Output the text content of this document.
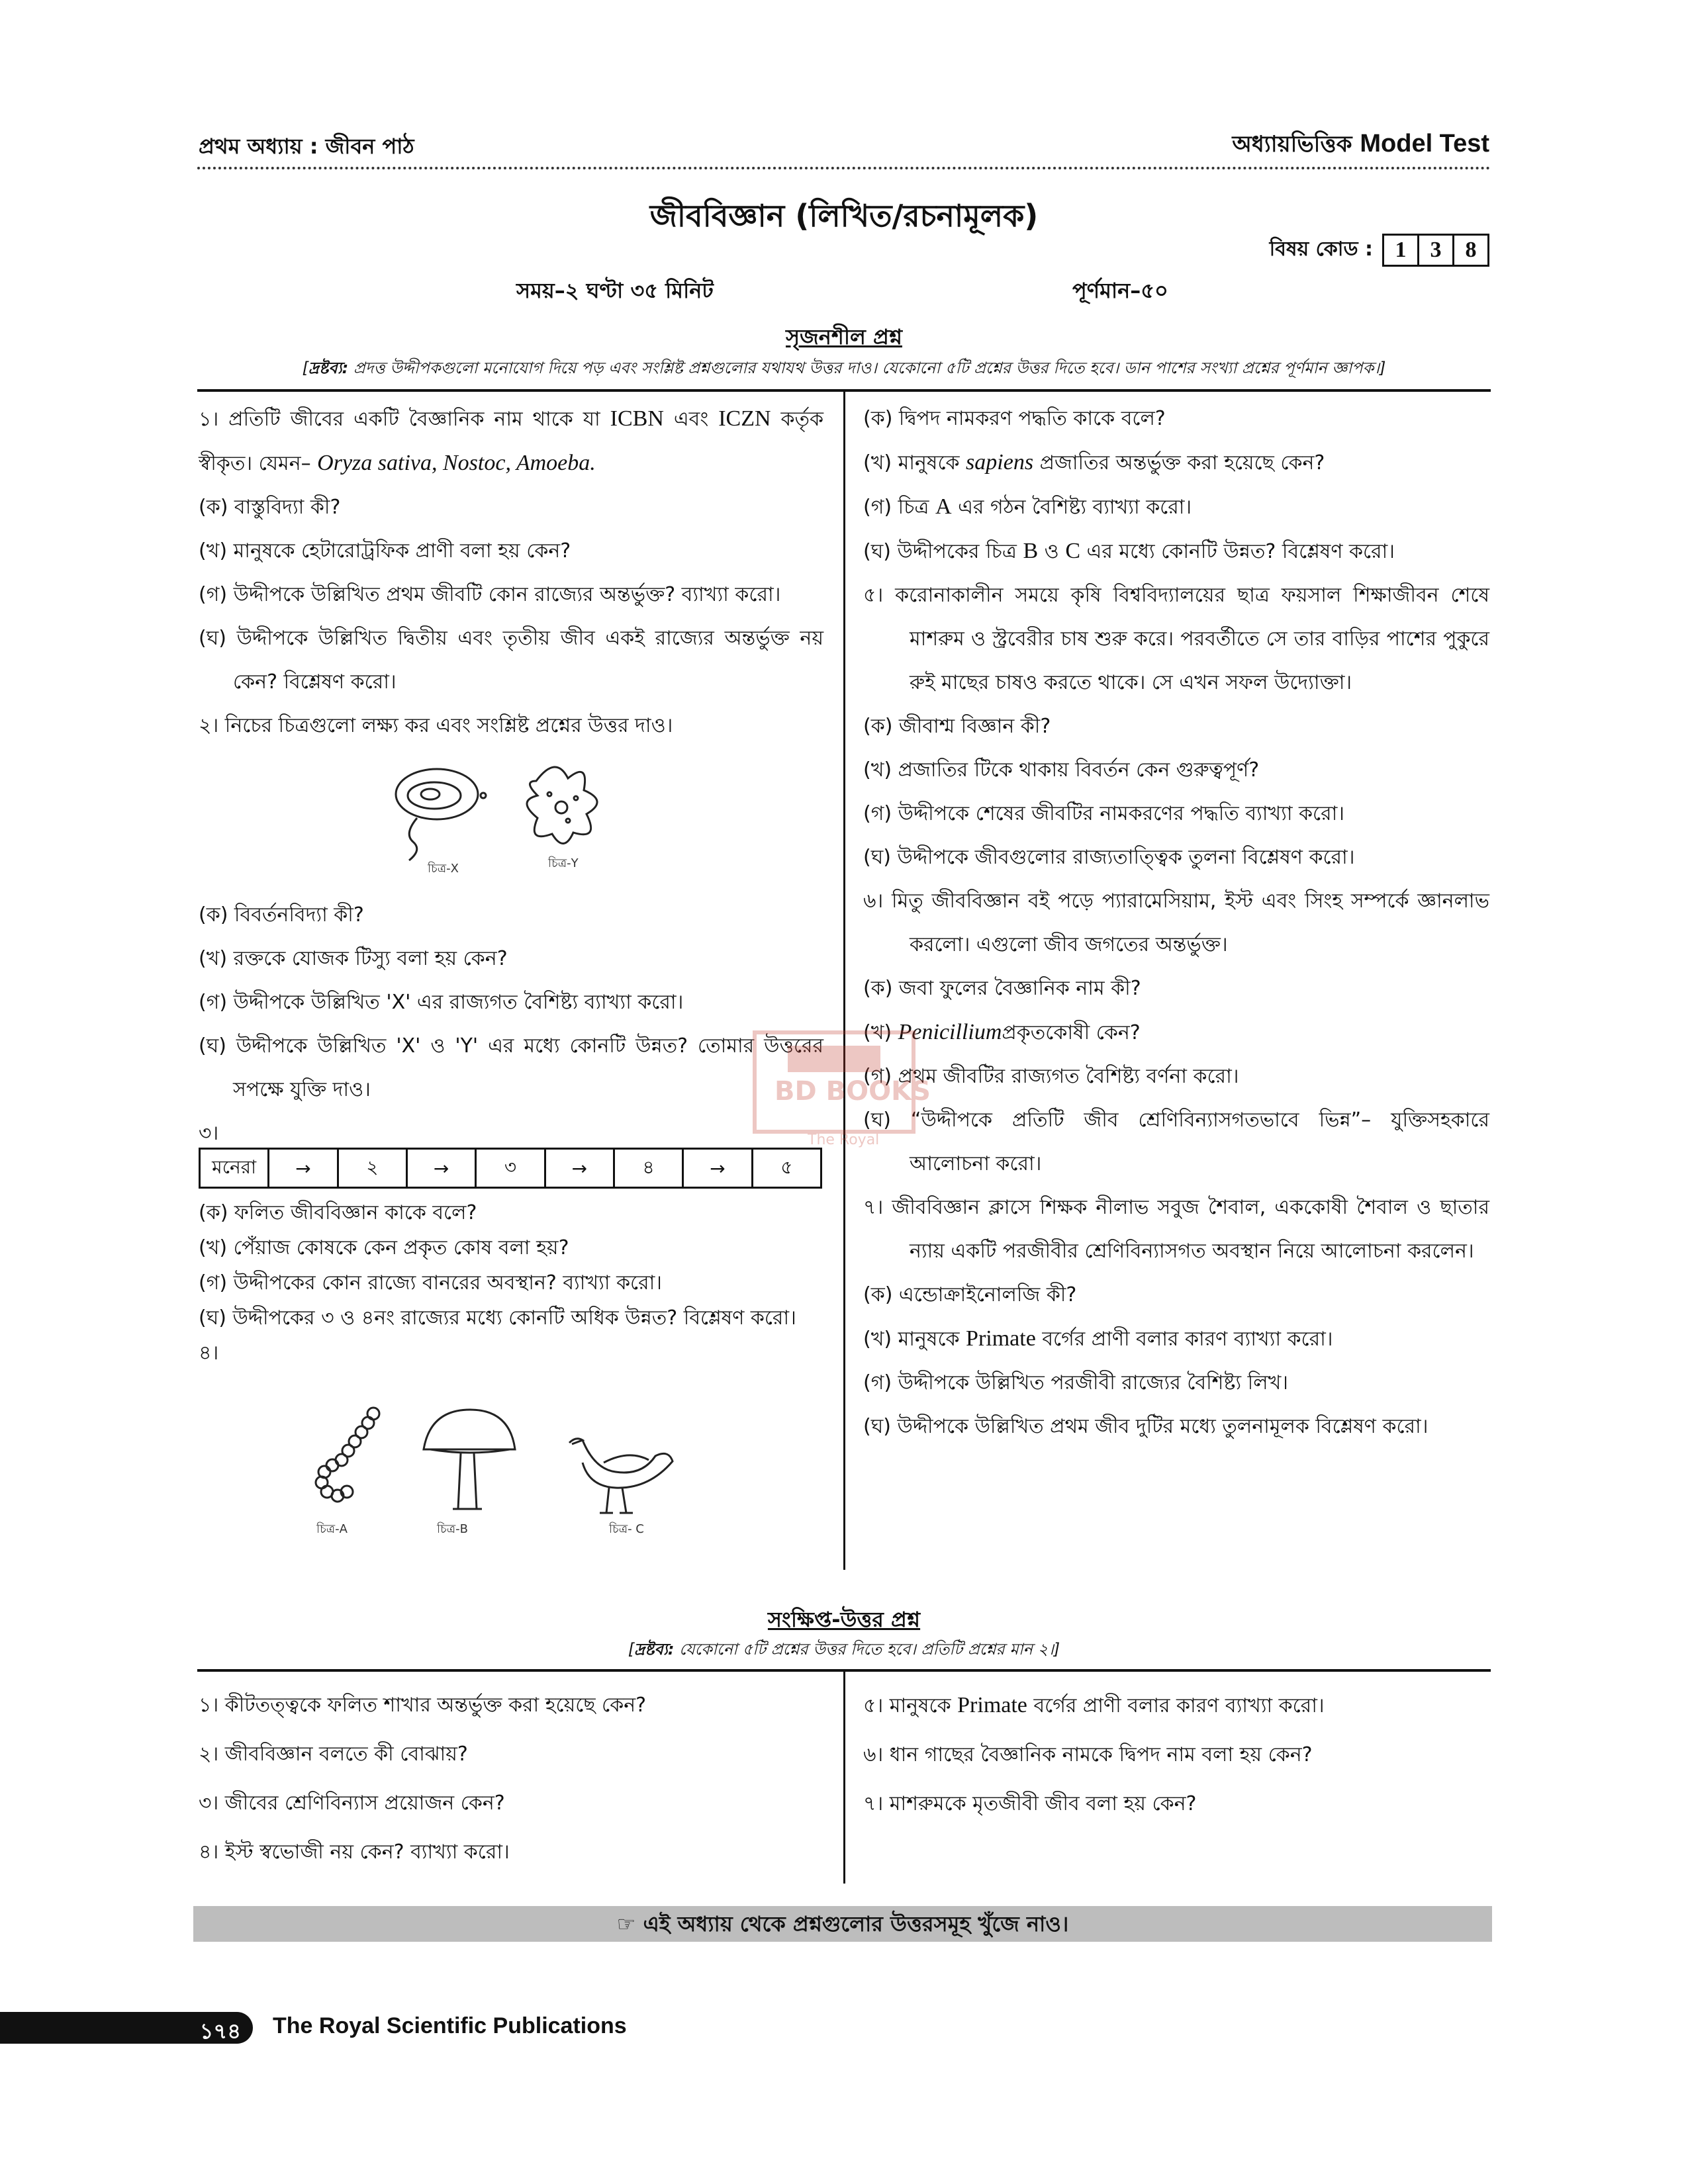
প্রথম অধ্যায় : জীবন পাঠ	অধ্যায়ভিত্তিক Model Test
জীববিজ্ঞান (লিখিত/রচনামূলক)
বিষয় কোড : 1	3	8
সময়–২ ঘণ্টা ৩৫ মিনিট	পূর্ণমান–৫০
সৃজনশীল প্রশ্ন
[দ্রষ্টব্য: প্রদত্ত উদ্দীপকগুলো মনোযোগ দিয়ে পড় এবং সংশ্লিষ্ট প্রশ্নগুলোর যথাযথ উত্তর দাও। যেকোনো ৫টি প্রশ্নের উত্তর দিতে হবে। ডান পাশের সংখ্যা প্রশ্নের পূর্ণমান জ্ঞাপক।]

১। প্রতিটি জীবের একটি বৈজ্ঞানিক নাম থাকে যা ICBN এবং ICZN কর্তৃক স্বীকৃত। যেমন– Oryza sativa, Nostoc, Amoeba.

(ক) বাস্তুবিদ্যা কী?

(খ) মানুষকে হেটারোট্রফিক প্রাণী বলা হয় কেন?

(গ) উদ্দীপকে উল্লিখিত প্রথম জীবটি কোন রাজ্যের অন্তর্ভুক্ত? ব্যাখ্যা করো।

(ঘ) উদ্দীপকে উল্লিখিত দ্বিতীয় এবং তৃতীয় জীব একই রাজ্যের অন্তর্ভুক্ত নয় কেন? বিশ্লেষণ করো।

২। নিচের চিত্রগুলো লক্ষ্য কর এবং সংশ্লিষ্ট প্রশ্নের উত্তর দাও।

চিত্র-X	চিত্র-Y

(ক) বিবর্তনবিদ্যা কী?

(খ) রক্তকে যোজক টিস্যু বলা হয় কেন?

(গ) উদ্দীপকে উল্লিখিত 'X' এর রাজ্যগত বৈশিষ্ট্য ব্যাখ্যা করো।

(ঘ) উদ্দীপকে উল্লিখিত 'X' ও 'Y' এর মধ্যে কোনটি উন্নত? তোমার উত্তরের সপক্ষে যুক্তি দাও।

৩।

মনেরা	→	২	→	৩	→	৪	→	৫

(ক) ফলিত জীববিজ্ঞান কাকে বলে?

(খ) পেঁয়াজ কোষকে কেন প্রকৃত কোষ বলা হয়?

(গ) উদ্দীপকের কোন রাজ্যে বানরের অবস্থান? ব্যাখ্যা করো।

(ঘ) উদ্দীপকের ৩ ও ৪নং রাজ্যের মধ্যে কোনটি অধিক উন্নত? বিশ্লেষণ করো।

৪।

চিত্র-A	চিত্র-B	চিত্র- C

(ক) দ্বিপদ নামকরণ পদ্ধতি কাকে বলে?

(খ) মানুষকে sapiens প্রজাতির অন্তর্ভুক্ত করা হয়েছে কেন?

(গ) চিত্র A এর গঠন বৈশিষ্ট্য ব্যাখ্যা করো।

(ঘ) উদ্দীপকের চিত্র B ও C এর মধ্যে কোনটি উন্নত? বিশ্লেষণ করো।

৫। করোনাকালীন সময়ে কৃষি বিশ্ববিদ্যালয়ের ছাত্র ফয়সাল শিক্ষাজীবন শেষে মাশরুম ও স্ট্রবেরীর চাষ শুরু করে। পরবর্তীতে সে তার বাড়ির পাশের পুকুরে রুই মাছের চাষও করতে থাকে। সে এখন সফল উদ্যোক্তা।

(ক) জীবাশ্ম বিজ্ঞান কী?

(খ) প্রজাতির টিকে থাকায় বিবর্তন কেন গুরুত্বপূর্ণ?

(গ) উদ্দীপকে শেষের জীবটির নামকরণের পদ্ধতি ব্যাখ্যা করো।

(ঘ) উদ্দীপকে জীবগুলোর রাজ্যতাত্ত্বিক তুলনা বিশ্লেষণ করো।

৬। মিতু জীববিজ্ঞান বই পড়ে প্যারামেসিয়াম, ইস্ট এবং সিংহ সম্পর্কে জ্ঞানলাভ করলো। এগুলো জীব জগতের অন্তর্ভুক্ত।

(ক) জবা ফুলের বৈজ্ঞানিক নাম কী?

(খ) Penicilliumপ্রকৃতকোষী কেন?

(গ) প্রথম জীবটির রাজ্যগত বৈশিষ্ট্য বর্ণনা করো।

(ঘ) “উদ্দীপকে প্রতিটি জীব শ্রেণিবিন্যাসগতভাবে ভিন্ন”– যুক্তিসহকারে আলোচনা করো।

৭। জীববিজ্ঞান ক্লাসে শিক্ষক নীলাভ সবুজ শৈবাল, এককোষী শৈবাল ও ছাতার ন্যায় একটি পরজীবীর শ্রেণিবিন্যাসগত অবস্থান নিয়ে আলোচনা করলেন।

(ক) এন্ডোক্রাইনোলজি কী?

(খ) মানুষকে Primate বর্গের প্রাণী বলার কারণ ব্যাখ্যা করো।

(গ) উদ্দীপকে উল্লিখিত পরজীবী রাজ্যের বৈশিষ্ট্য লিখ।

(ঘ) উদ্দীপকে উল্লিখিত প্রথম জীব দুটির মধ্যে তুলনামূলক বিশ্লেষণ করো।

BD BOOKS
The Royal
সংক্ষিপ্ত-উত্তর প্রশ্ন
[দ্রষ্টব্য: যেকোনো ৫টি প্রশ্নের উত্তর দিতে হবে। প্রতিটি প্রশ্নের মান ২।]

১। কীটতত্ত্বকে ফলিত শাখার অন্তর্ভুক্ত করা হয়েছে কেন?

২। জীববিজ্ঞান বলতে কী বোঝায়?

৩। জীবের শ্রেণিবিন্যাস প্রয়োজন কেন?

৪। ইস্ট স্বভোজী নয় কেন? ব্যাখ্যা করো।

৫। মানুষকে Primate বর্গের প্রাণী বলার কারণ ব্যাখ্যা করো।

৬। ধান গাছের বৈজ্ঞানিক নামকে দ্বিপদ নাম বলা হয় কেন?

৭। মাশরুমকে মৃতজীবী জীব বলা হয় কেন?

☞ এই অধ্যায় থেকে প্রশ্নগুলোর উত্তরসমূহ খুঁজে নাও।
১৭৪ The Royal Scientific Publications
